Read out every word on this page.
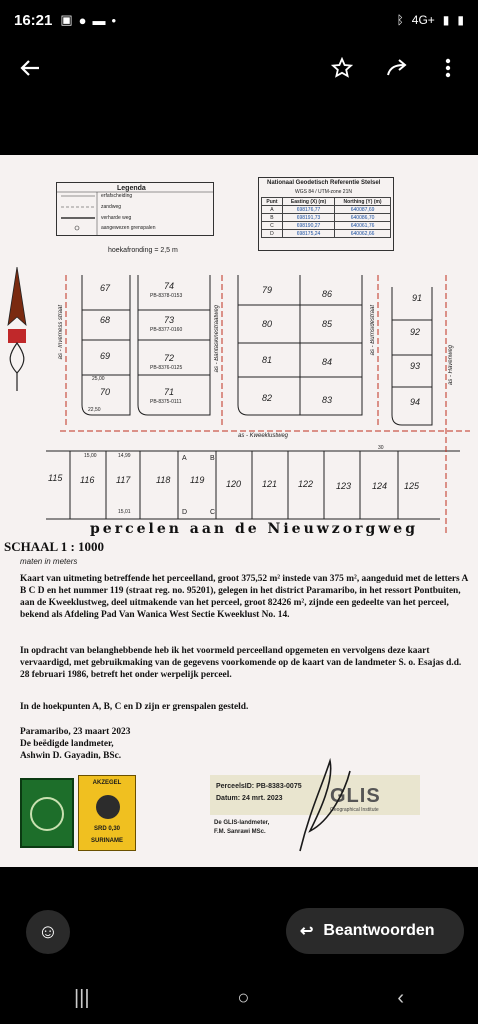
16:21 ▣ ● ▬ •	ᛒ 4G+ ▮ ▮
Legenda
erfafscheiding
zandweg
verharde weg
aangewezen grenspalen
Nationaal Geodetisch Referentie Stelsel
WGS 84 / UTM-zone 21N
Punt	Easting (X) (m)	Northing (Y) (m)
A	698176,77	640087,69
B	698191,73	640086,70
C	698190,27	640061,76
D	698175,24	640062,66
hoekafronding = 2,5 m
67
68
69
70
74
PB-8378-0153
73
PB-8377-0160
72
PB-8376-0125
71
PB-8375-0111
79
80
81
82
86
85
84
83
91
92
93
94
22,50
25,00
15,00	14,99
15,01
30
as - Inverness straat	as - Bantaskinestraatweg	as - Burnsidestraat
as - Havenweg
as - Kweeklustweg
115 116 117	118 119 120 121 122	123 124 125
A	B
C
D
percelen aan de Nieuwzorgweg
SCHAAL 1 : 1000
maten in meters

Kaart van uitmeting betreffende het perceelland, groot 375,52 m² instede van 375 m², aangeduid met de letters A B C D en het nummer 119 (straat reg. no. 95201), gelegen in het district Paramaribo, in het ressort Pontbuiten, aan de Kweeklustweg, deel uitmakende van het perceel, groot 82426 m², zijnde een gedeelte van het perceel, bekend als Afdeling Pad Van Wanica West Sectie Kweeklust No. 14.

In opdracht van belanghebbende heb ik het voormeld perceelland opgemeten en vervolgens deze kaart vervaardigd, met gebruikmaking van de gegevens voorkomende op de kaart van de landmeter S. o. Esajas d.d. 28 februari 1986, betreft het onder werpelijk perceel.

In de hoekpunten A, B, C en D zijn er grenspalen gesteld.

Paramaribo, 23 maart 2023
De beëdigde landmeter,
Ashwin D. Gayadin, BSc.
AKZEGEL
SRD 0,30
SURINAME
PerceelsID: PB-8383-0075
Datum: 24 mrt. 2023 GLIS
Geographical Institute
De GLIS-landmeter,
F.M. Sanrawi MSc.
☺	↩ Beantwoorden
|||	○	‹
